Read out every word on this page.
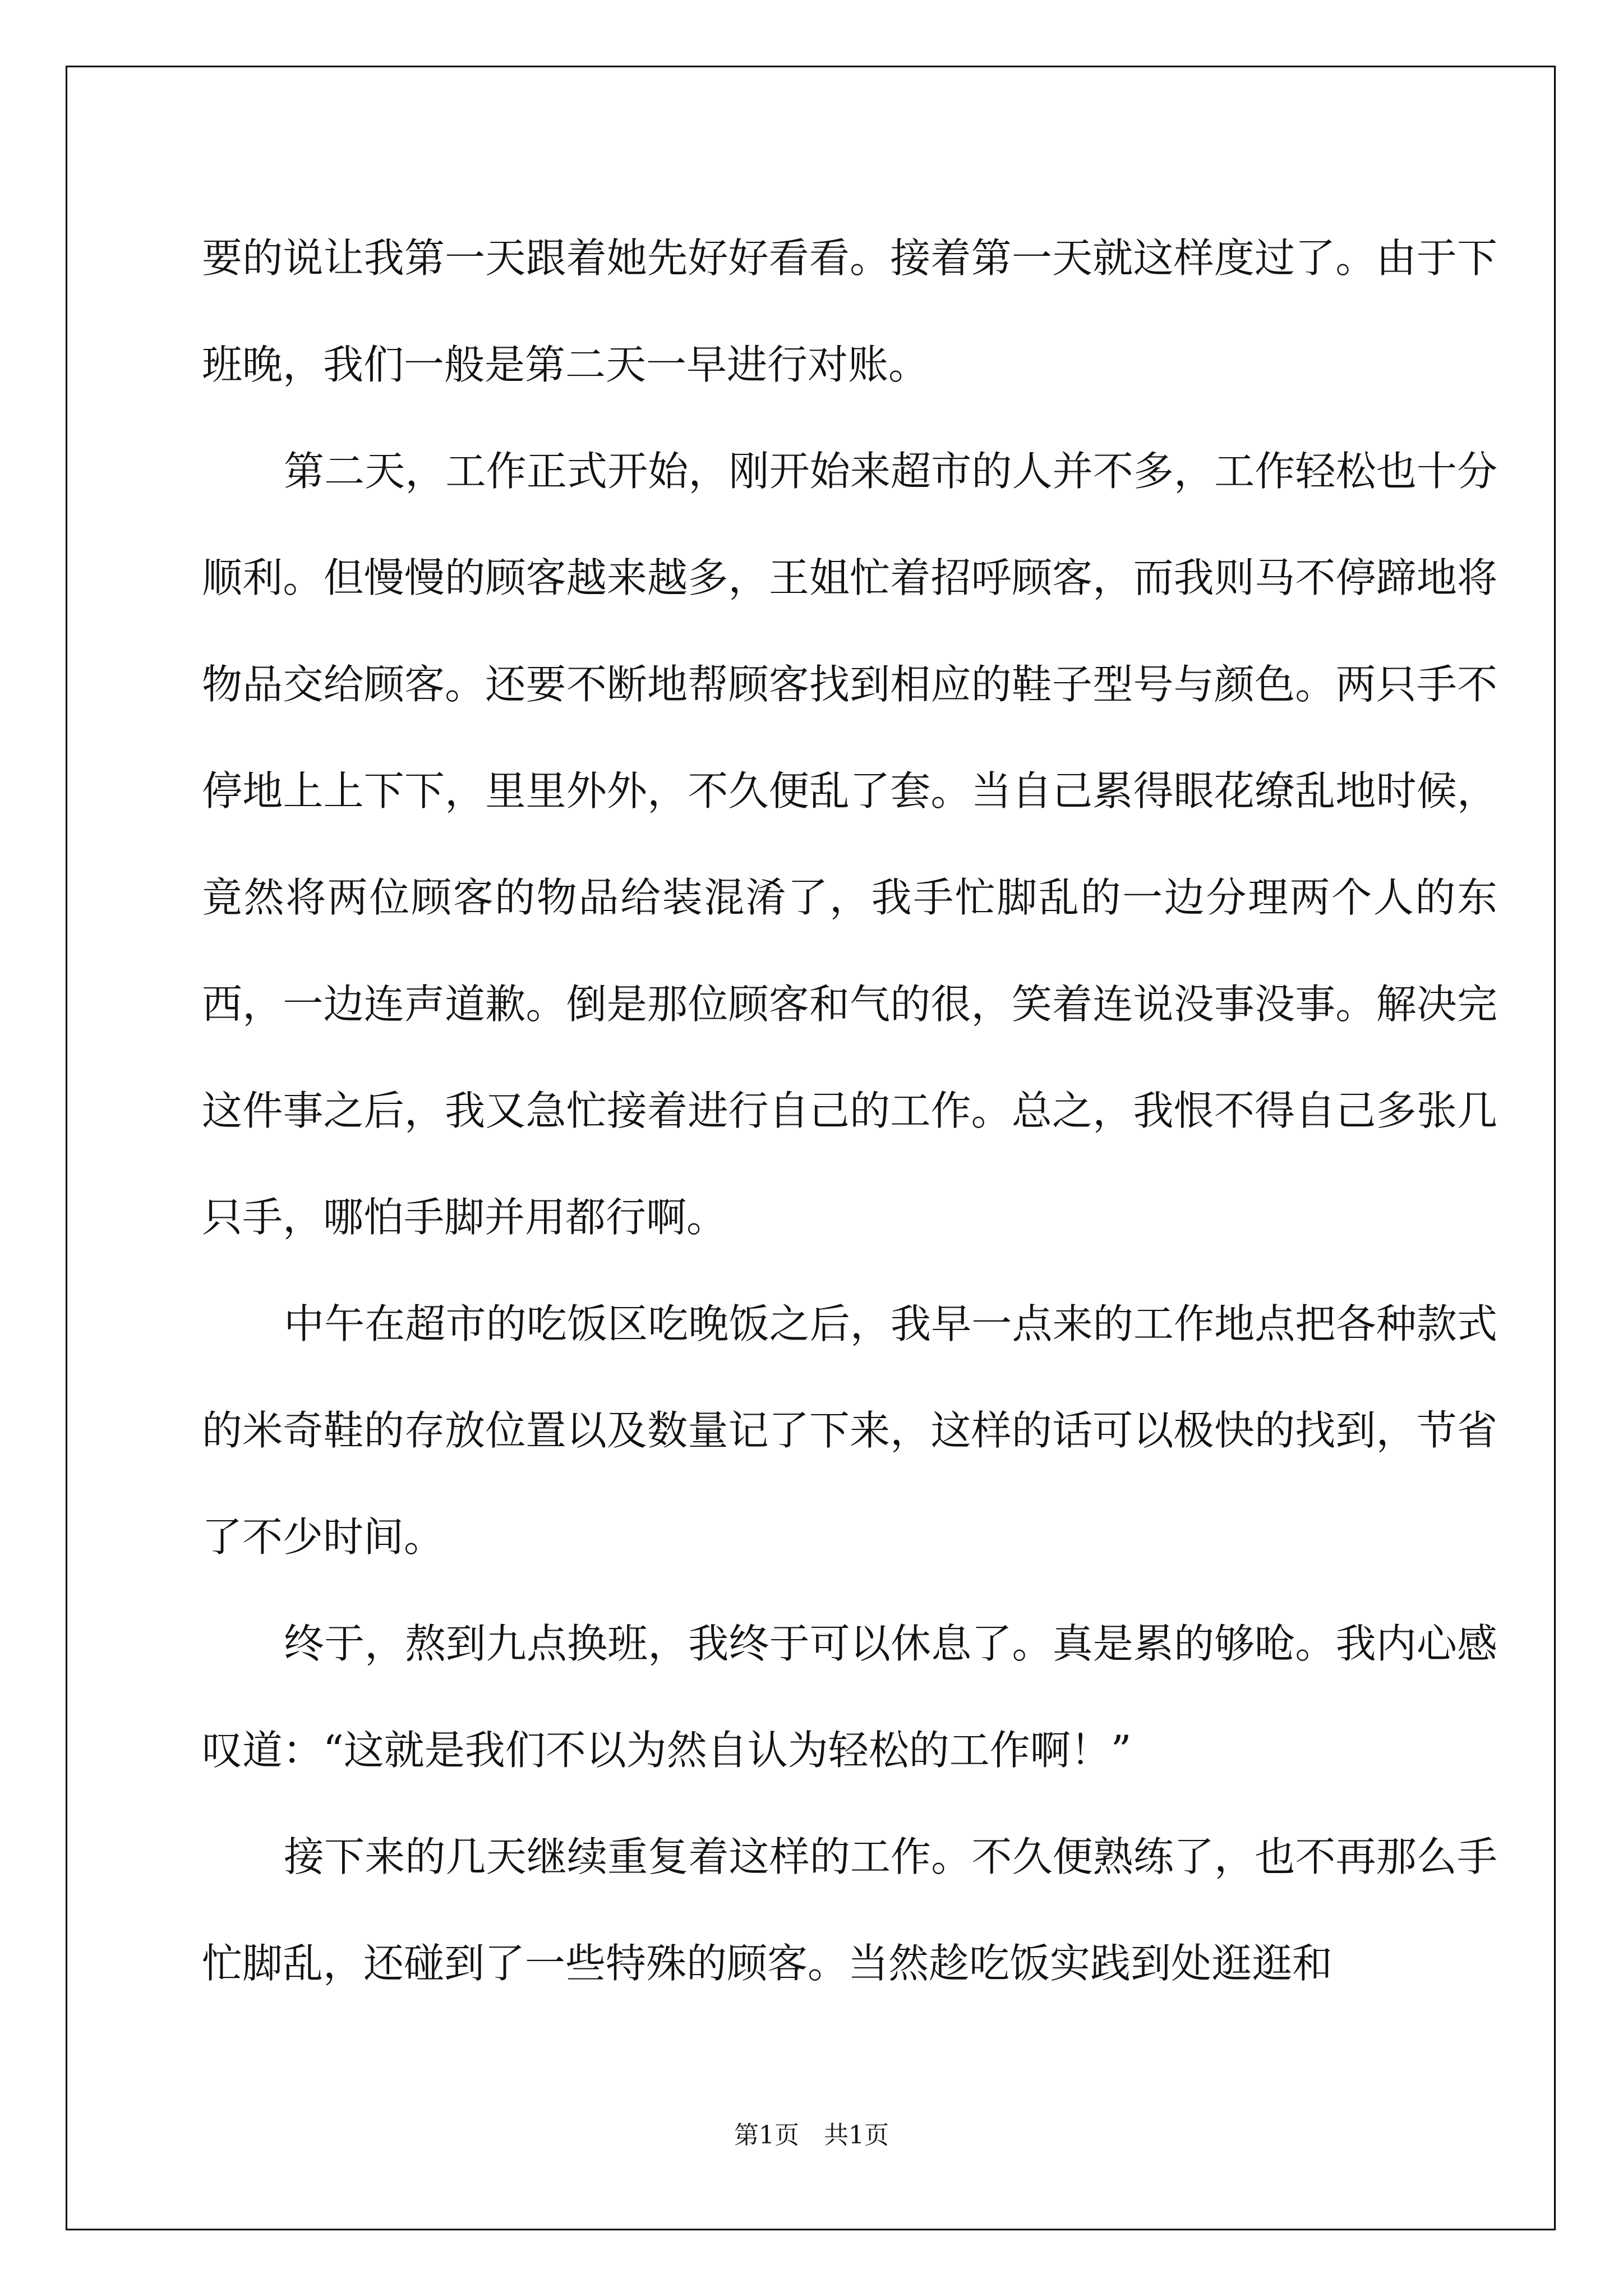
要的说让我第一天跟着她先好好看看。接着第一天就这样度过了。由于下班晚，我们一般是第二天一早进行对账。

第二天，工作正式开始，刚开始来超市的人并不多，工作轻松也十分顺利。但慢慢的顾客越来越多，王姐忙着招呼顾客，而我则马不停蹄地将物品交给顾客。还要不断地帮顾客找到相应的鞋子型号与颜色。两只手不停地上上下下，里里外外，不久便乱了套。当自己累得眼花缭乱地时候，竟然将两位顾客的物品给装混淆了，我手忙脚乱的一边分理两个人的东西，一边连声道歉。倒是那位顾客和气的很，笑着连说没事没事。解决完这件事之后，我又急忙接着进行自己的工作。总之，我恨不得自己多张几只手，哪怕手脚并用都行啊。

中午在超市的吃饭区吃晚饭之后，我早一点来的工作地点把各种款式的米奇鞋的存放位置以及数量记了下来，这样的话可以极快的找到，节省了不少时间。

终于，熬到九点换班，我终于可以休息了。真是累的够呛。我内心感叹道：“这就是我们不以为然自认为轻松的工作啊！”

接下来的几天继续重复着这样的工作。不久便熟练了，也不再那么手忙脚乱，还碰到了一些特殊的顾客。当然趁吃饭实践到处逛逛和

第1页　共1页
